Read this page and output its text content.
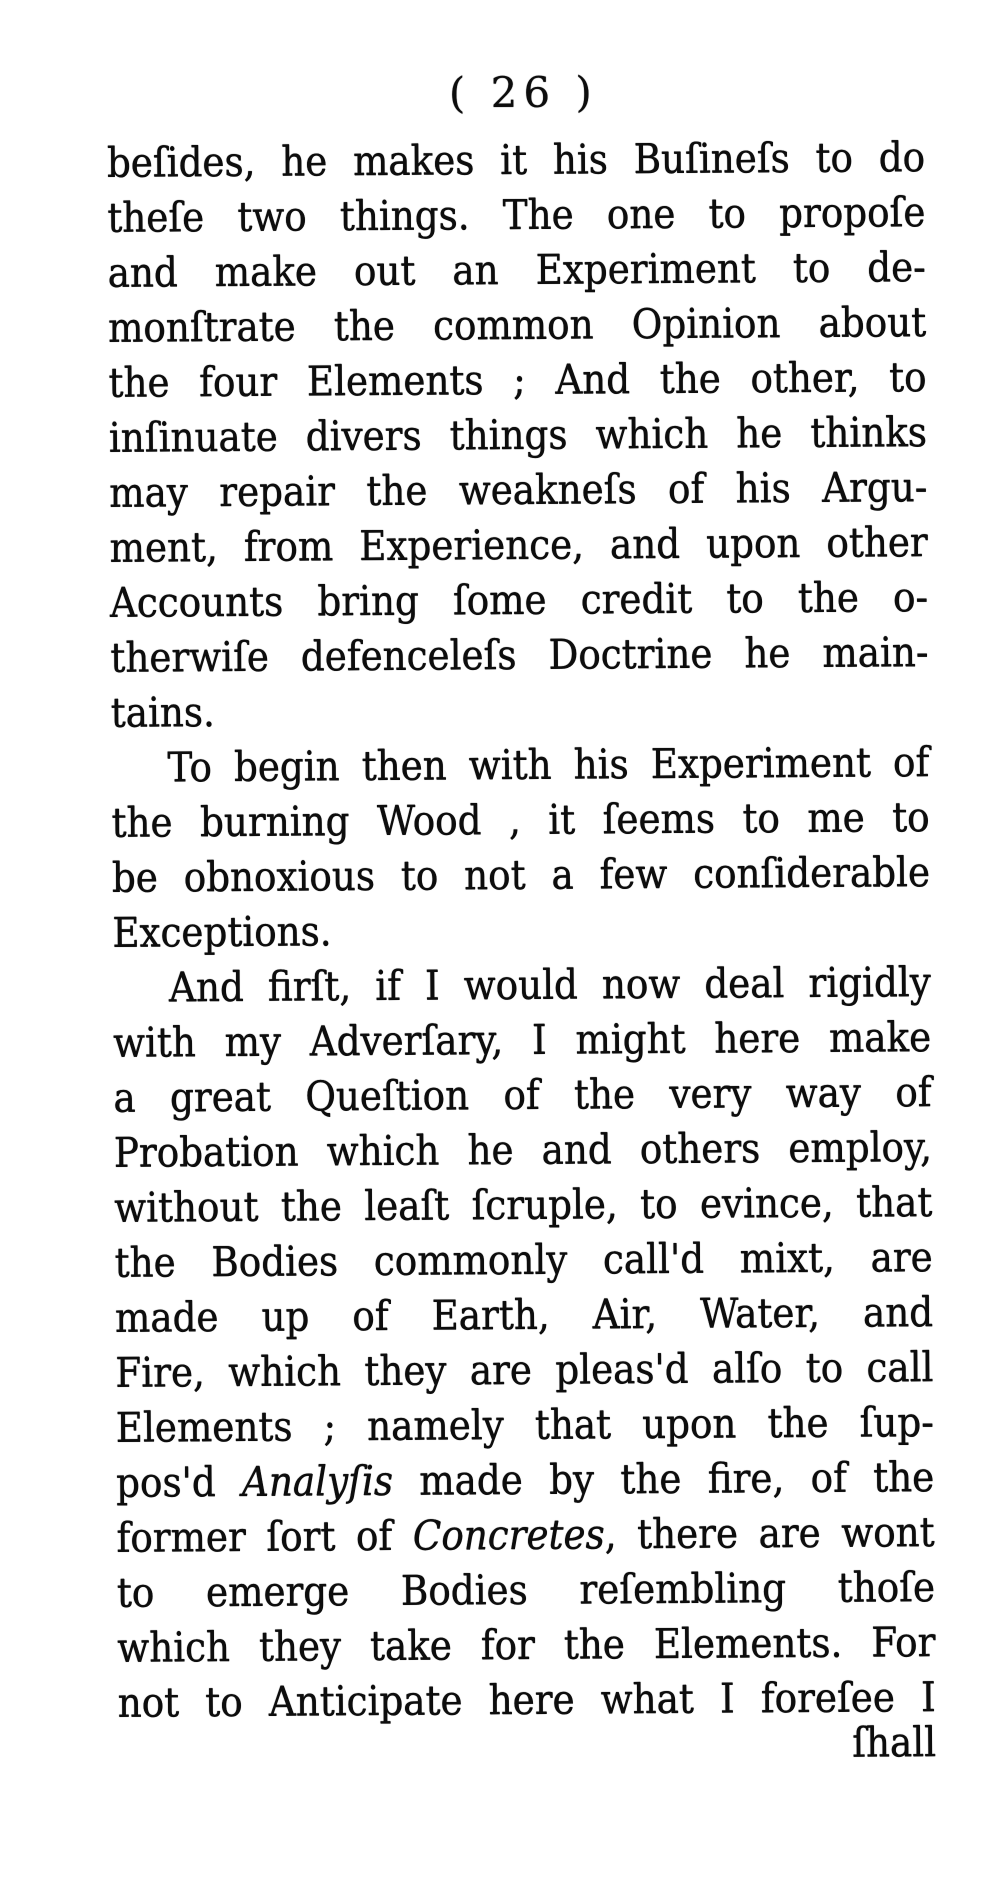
( 26 )
beſides, he makes it his Buſineſs to do
theſe two things. The one to propoſe
and make out an Experiment to de-
monſtrate the common Opinion about
the four Elements ; And the other, to
inſinuate divers things which he thinks
may repair the weakneſs of his Argu-
ment, from Experience, and upon other
Accounts bring ſome credit to the o-
therwiſe defenceleſs Doctrine he main-
tains.
To begin then with his Experiment of
the burning Wood , it ſeems to me to
be obnoxious to not a few conſiderable
Exceptions.
And firſt, if I would now deal rigidly
with my Adverſary, I might here make
a great Queſtion of the very way of
Probation which he and others employ,
without the leaſt ſcruple, to evince, that
the Bodies commonly call'd mixt, are
made up of Earth, Air, Water, and
Fire, which they are pleas'd alſo to call
Elements ; namely that upon the ſup-
pos'd Analyſis made by the fire, of the
former ſort of Concretes, there are wont
to emerge Bodies reſembling thoſe
which they take for the Elements. For
not to Anticipate here what I foreſee I
ſhall
